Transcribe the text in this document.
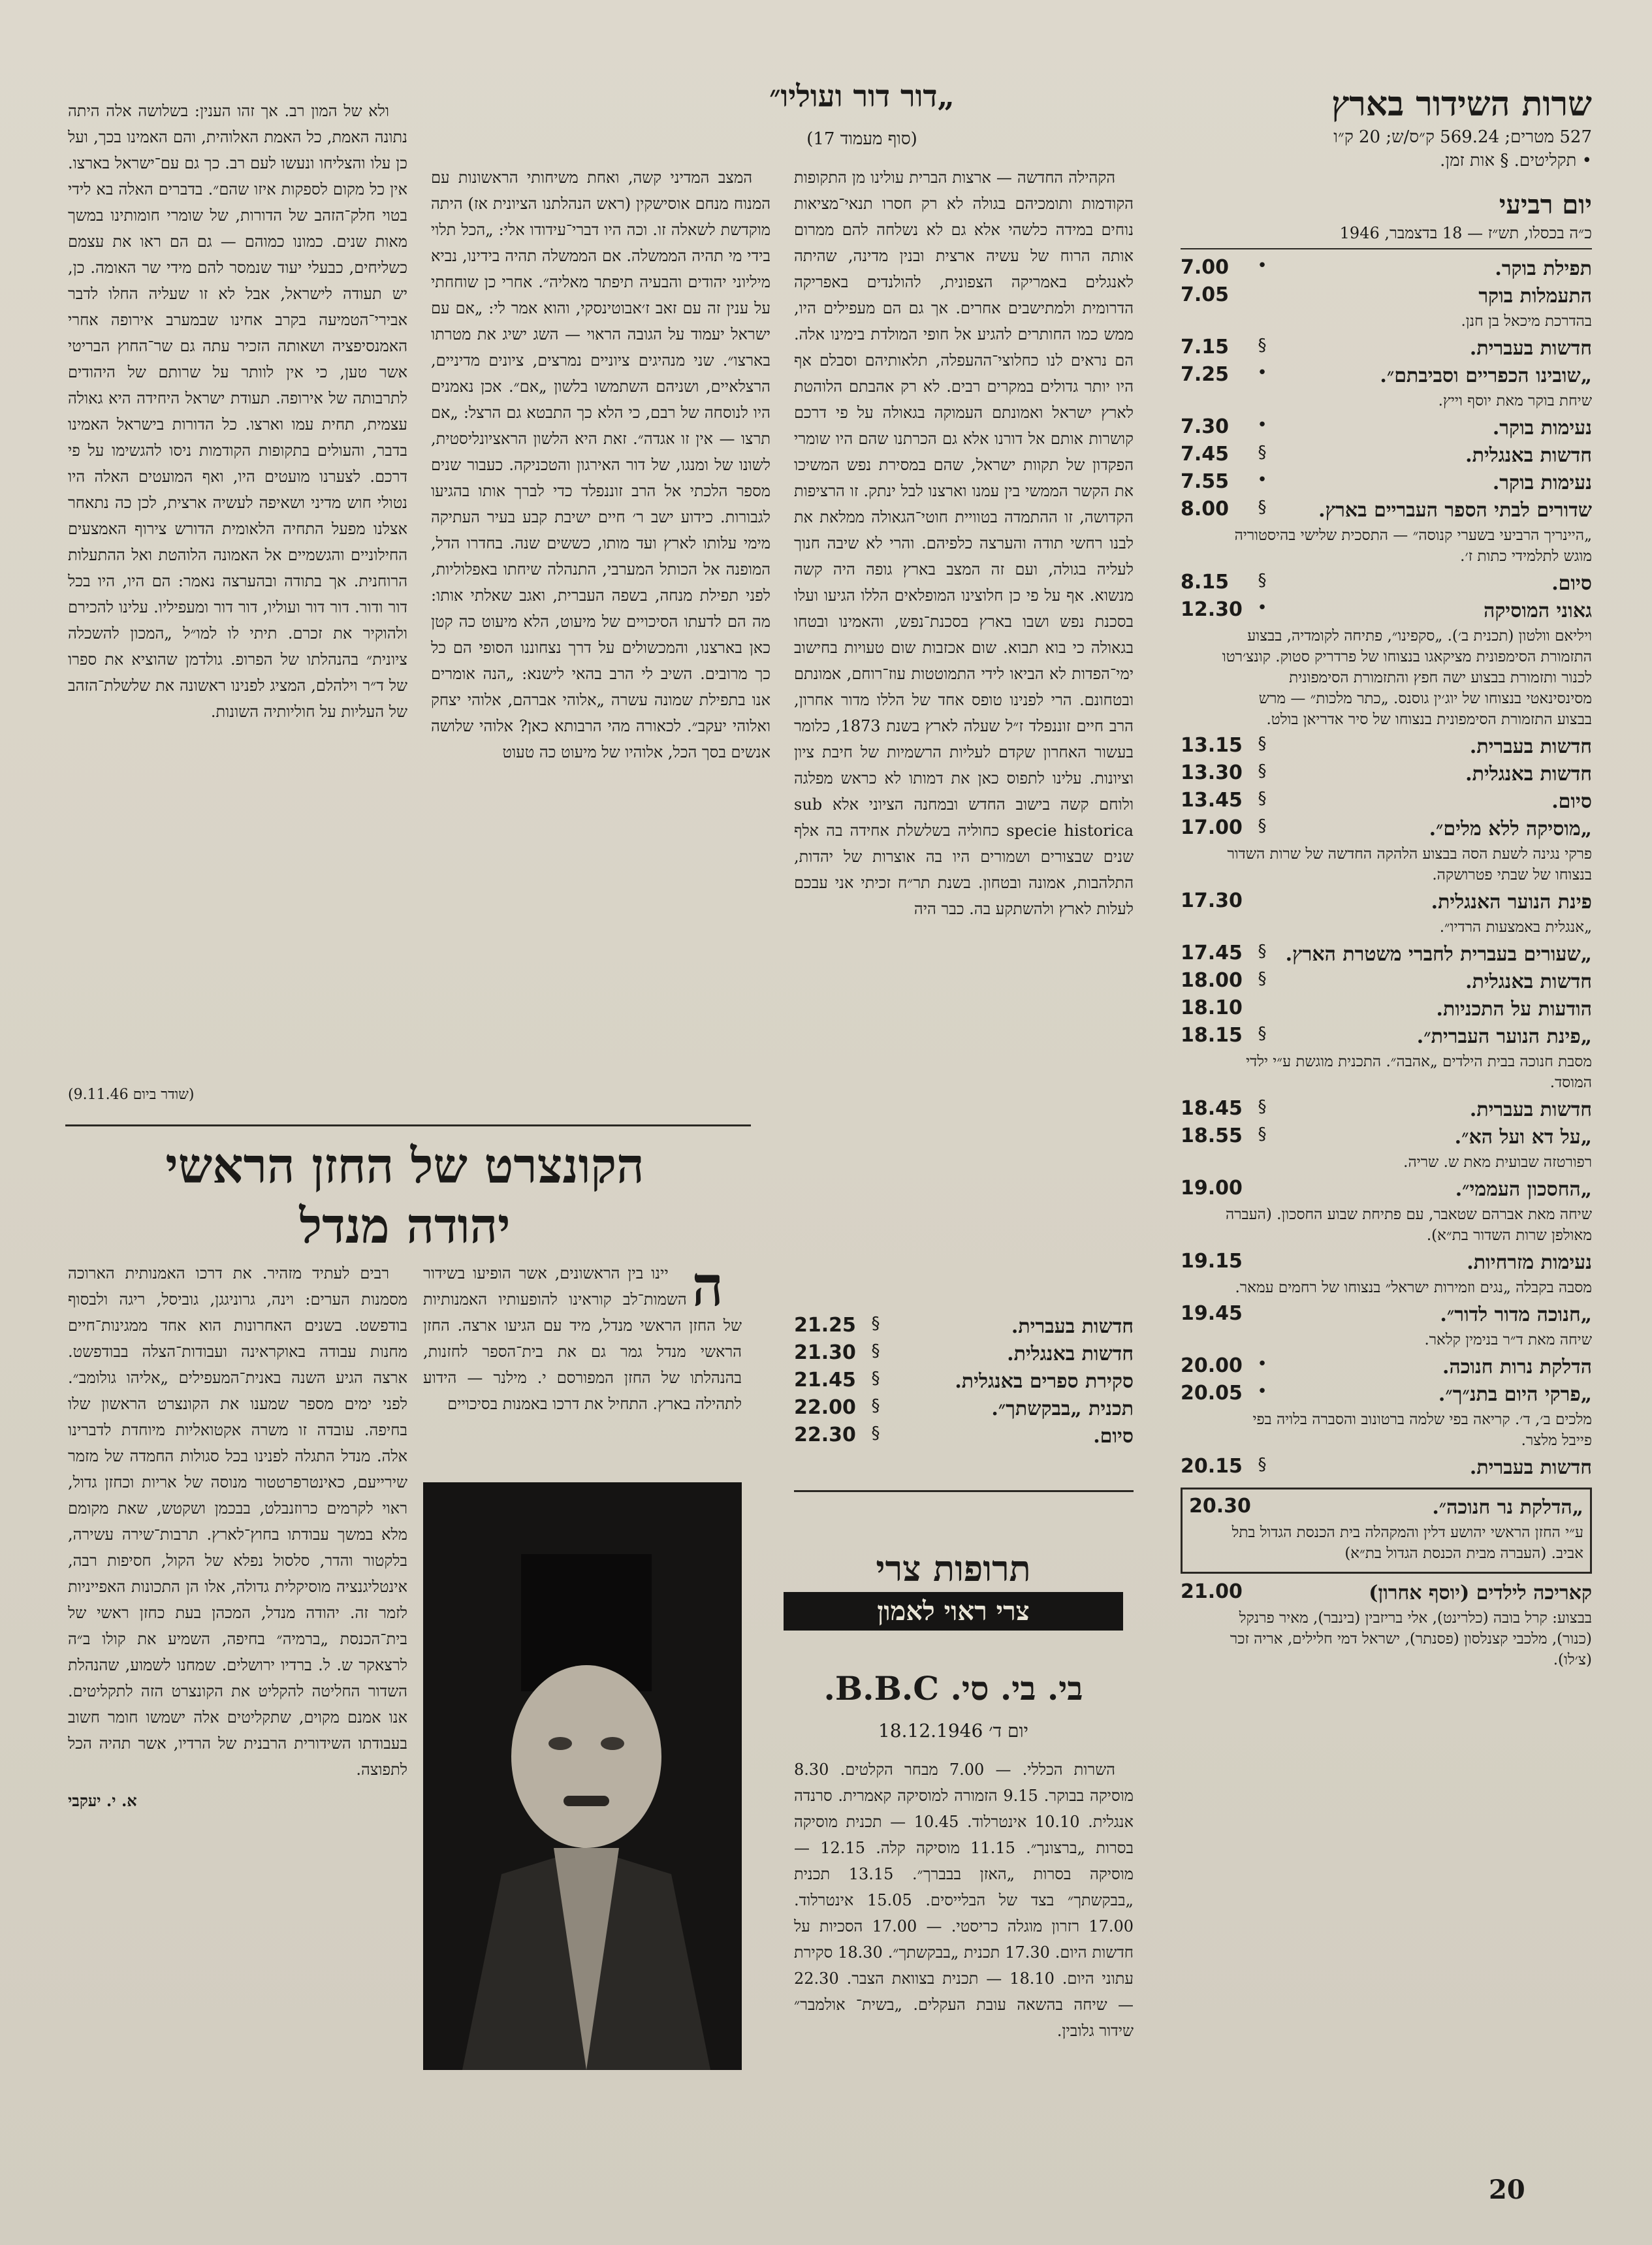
שרות השידור בארץ
527 מטרים; 569.24 ק״ס/ש; 20 ק״ו
• תקליטים. § אות זמן.
יום רביעי
כ״ה בכסלו, תש״ז — 18 בדצמבר, 1946
תפילת בוקר.
•
7.00
התעמלות בוקר
7.05
בהדרכת מיכאל בן חנן.
חדשות בעברית.
§
7.15
„שובינו הכפריים וסביבתם״.
•
7.25
שיחת בוקר מאת יוסף וייץ.
נעימות בוקר.
•
7.30
חדשות באנגלית.
§
7.45
נעימות בוקר.
•
7.55
שדורים לבתי הספר העבריים בארץ.
§
8.00
„היינריך הרביעי בשערי קנוסה״ — התסכית שלישי בהיסטוריה מוגש לתלמידי כתות ז׳.
סיום.
§
8.15
גאוני המוסיקה
•
12.30
ויליאם וולטון (תכנית ב׳). „סקפינו״, פתיחה לקומדיה, בבצוע התזמורת הסימפונית מציקאגו בנצוחו של פרדריק סטוק. קונצ׳רטו לכנור ותזמורת בבצוע ישה חפץ והתזמורת הסימפונית מסינסינאטי בנצוחו של יוג׳ין גוסנס. „כתר מלכות״ — מרש בבצוע התזמורת הסימפונית בנצוחו של סיר אדריאן בולט.
חדשות בעברית.
§
13.15
חדשות באנגלית.
§
13.30
סיום.
§
13.45
„מוסיקה ללא מלים״.
§
17.00
פרקי נגינה לשעת הסה בבצוע הלהקה החדשה של שרות השדור בנצוחו של שבתי פטרושקה.
פינת הנוער האנגלית.
17.30
„אנגלית באמצעות הרדיו״.
„שעורים בעברית לחברי משטרת הארץ.
§
17.45
חדשות באנגלית.
§
18.00
הודעות על התכניות.
18.10
„פינת הנוער העברית״.
§
18.15
מסבת חנוכה בבית הילדים „אהבה״. התכנית מוגשת ע״י ילדי המוסד.
חדשות בעברית.
§
18.45
„על דא ועל הא״.
§
18.55
רפורטזה שבועית מאת ש. שריה.
„החסכון העממי״.
19.00
שיחה מאת אברהם שטאבר, עם פתיחת שבוע החסכון. (העברה מאולפן שרות השדור בת״א).
נעימות מזרחיות.
19.15
מסבה בקבלה „נגים וזמירות ישראל״ בנצוחו של רחמים עמאר.
„חנוכה מדור לדור״.
19.45
שיחה מאת ד״ר בנימין קלאר.
הדלקת נרות חנוכה.
•
20.00
„פרקי היום בתנ״ך״.
•
20.05
מלכים ב׳, ד׳. קריאה בפי שלמה ברטונוב והסברה בלויה בפי פייבל מלצר.
חדשות בעברית.
§
20.15
„הדלקת נר חנוכה״.
20.30
ע״י החזן הראשי יהושע דלין והמקהלה בית הכנסת הגדול בתל אביב. (העברה מבית הכנסת הגדול בת״א)
קאריכה לילדים (יוסף אחרון)
21.00
בבצוע: קרל בובה (כלרינט), אלי בריזבין (בינבר), מאיר פרנקל (כנור), מלכבי קצנלסון (פסנתר), ישראל דמי חלילים, אריה זכר (צ׳לו).
„דור דור ועוליו״
(סוף מעמוד 17)

הקהילה החדשה — ארצות הברית עולינו מן התקופות הקודמות ותומכיהם בגולה לא רק חסרו תנאי־מציאות נוחים במידה כלשהי אלא גם לא נשלחה להם ממרום אותה הרוח של עשיה ארצית ובנין מדינה, שהיתה לאנגלים באמריקה הצפונית, להולנדים באפריקה הדרומית ולמתישבים אחרים. אך גם הם מעפילים היו, ממש כמו החותרים להגיע אל חופי המולדת בימינו אלה. הם נראים לנו כחלוצי־ההעפלה, תלאותיהם וסבלם אף היו יותר גדולים במקרים רבים. לא רק אהבתם הלוהטת לארץ ישראל ואמונתם העמוקה בגאולה על פי דרכם קושרות אותם אל דורנו אלא גם הכרתנו שהם היו שומרי הפקדון של תקוות ישראל, שהם במסירת נפש המשיכו את הקשר הממשי בין עמנו וארצנו לבל ינתק. זו הרציפות הקדושה, זו ההתמדה בטוויית חוטי־הגאולה ממלאת את לבנו רחשי תודה והערצה כלפיהם. והרי לא שיבה חנוך לעליה בגולה, ועם זה המצב בארץ גופה היה קשה מנשוא. אף על פי כן חלוצינו המופלאים הללו הגיעו ועלו בסכנת נפש ושבו בארץ בסכנת־נפש, והאמינו ובטחו בגאולה כי בוא תבוא. שום אכזבות שום טעויות בחישוב ימי־הפדות לא הביאו לידי התמוטטות עוז־רוחם, אמונתם ובטחונם. הרי לפנינו טופס אחד של הללו מדור אחרון, הרב חיים זוננפלד ז״ל שעלה לארץ בשנת 1873, כלומר בעשור האחרון שקדם לעליות הרשמיות של חיבת ציון וציונות. עלינו לתפוס כאן את דמותו לא כראש מפלגה ולוחם קשה בישוב החדש ובמחנה הציוני אלא sub specie historica כחוליה בשלשלת אחידה בה אלף שנים שבצורים ושמורים היו בה אוצרות של יהדות, התלהבות, אמונה ובטחון. בשנת תר״ח זכיתי אני עבכם לעלות לארץ ולהשתקע בה. כבר היה

המצב המדיני קשה, ואחת משיחותי הראשונות עם המנוח מנחם אוסישקין (ראש הנהלתנו הציונית אז) היתה מוקדשת לשאלה זו. וכה היו דברי־עידודו אלי: „הכל תלוי בידי מי תהיה הממשלה. אם הממשלה תהיה בידינו, נביא מיליוני יהודים והבעיה תיפתר מאליה״. אחרי כן שוחחתי על ענין זה עם זאב ז׳אבוטינסקי, והוא אמר לי: „אם עם ישראל יעמוד על הגובה הראוי — השג ישיג את מטרתו בארצו״. שני מנהיגים ציוניים נמרצים, ציונים מדיניים, הרצלאיים, ושניהם השתמשו בלשון „אם״. אכן נאמנים היו לנוסחה של רבם, כי הלא כך התבטא גם הרצל: „אם תרצו — אין זו אגדה״. זאת היא הלשון הראציונליסטית, לשונו של ומנגו, של דור האירגון והטכניקה. כעבור שנים מספר הלכתי אל הרב זוננפלד כדי לברך אותו בהגיעו לגבורות. כידוע ישב ר׳ חיים ישיבת קבע בעיר העתיקה מימי עלותו לארץ ועד מותו, כששים שנה. בחדרו הדל, המופנה אל הכותל המערבי, התנהלה שיחתו באפלוליות, לפני תפילת מנחה, בשפה העברית, ואגב שאלתי אותו: מה הם לדעתו הסיכויים של מיעוט, הלא מיעוט כה קטן כאן בארצנו, והמכשולים על דרך נצחוננו הסופי הם כל כך מרובים. השיב לי הרב בהאי לישנא: „הנה אומרים אנו בתפילת שמונה עשרה „אלוהי אברהם, אלוהי יצחק ואלוהי יעקב״. לכאורה מהי הרבותא כאן? אלוהי שלושה אנשים בסך הכל, אלוהיו של מיעוט כה טעוט

ולא של המון רב. אך זהו הענין: בשלושה אלה היתה נתונה האמת, כל האמת האלוהית, והם האמינו בכך, ועל כן עלו והצליחו ונעשו לעם רב. כך גם עם־ישראל בארצו. אין כל מקום לספקות איזו שהם״. בדברים האלה בא לידי בטוי חלק־הזהב של הדורות, של שומרי חומותינו במשך מאות שנים. כמונו כמוהם — גם הם ראו את עצמם כשליחים, כבעלי יעוד שנמסר להם מידי שר האומה. כן, יש תעודה לישראל, אבל לא זו שעליה החלו לדבר אבירי־הטמיעה בקרב אחינו שבמערב אירופה אחרי האמנסיפציה ושאותה הזכיר עתה גם שר־החוץ הבריטי אשר טען, כי אין לוותר על שרותם של היהודים לתרבותה של אירופה. תעודת ישראל היחידה היא גאולה עצמית, תחית עמו וארצו. כל הדורות בישראל האמינו בדבר, והעולים בתקופות הקודמות ניסו להגשימו על פי דרכם. לצערנו מועטים היו, ואף המועטים האלה היו נטולי חוש מדיני ושאיפה לעשיה ארצית, לכן כה נתאחר אצלנו מפעל התחיה הלאומית הדורש צירוף האמצעים החילוניים והגשמיים אל האמונה הלוהטת ואל ההתעלות הרוחנית. אך בתודה ובהערצה נאמר: הם היו, היו בכל דור ודור. דור דור ועוליו, דור דור ומעפיליו. עלינו להכירם ולהוקיר את זכרם. תיתי לו למו״ל „המכון להשכלה ציונית״ בהנהלתו של הפרופ. גולדמן שהוציא את ספרו של ד״ר וילהלם, המציג לפנינו ראשונה את שלשלת־הזהב של העליות על חוליותיה השונות.

(שודר ביום 9.11.46)
חדשות בעברית.
§
21.25
חדשות באנגלית.
§
21.30
סקירת ספרים באנגלית.
§
21.45
תכנית „בבקשתך״.
§
22.00
סיום.
§
22.30
הקונצרט של החזן הראשי
יהודה מנדל

ה
יינו בין הראשונים, אשר הופיעו בשידור השמות־לב קוראינו להופעותיו האמנותיות של החזן הראשי מנדל, מיד עם הגיעו ארצה. החזן הראשי מנדל גמר גם את בית־הספר לחזנות, בהנהלתו של החזן המפורסם י. מילנר — הידוע לתהילה בארץ. התחיל את דרכו באמנות בסיכויים

רבים לעתיד מזהיר. את דרכו האמנותית הארוכה מסמנות הערים: וינה, גרוניגגן, גוביסל, ריגה ולבסוף בודפשט. בשנים האחרונות הוא אחד ממגינות־חיים מחנות עבודה באוקראינה ועבודות־הצלה בבודפשט. ארצה הגיע השנה באנית־המעפילים „אליהו גולומב״. לפני ימים מספר שמענו את הקונצרט הראשון שלו בחיפה. עובדה זו משרה אקטואליות מיוחדת לדברינו אלה. מנדל התגלה לפנינו בכל סגולות החמדה של מזמר שירייעם, כאינטרפרטטור מנוסה של אריות וכחזן גדול, ראוי לקרמים כרוזנבלט, בבכמן ושקטש, שאת מקומם מלא במשך עבודתו בחוץ־לארץ. תרבות־שירה עשירה, בלקטור והדר, סלסול נפלא של הקול, חסיפות רבה, אינטליגנציה מוסיקלית גדולה, אלו הן התכונות האפייניות לזמר זה. יהודה מנדל, המכהן בעת כחזן ראשי של בית־הכנסת „ברמיה״ בחיפה, השמיע את קולו ב״ה לרצאקר ש. ל. ברדיו ירושלים. שמחנו לשמוע, שהנהלת השדור החליטה להקליט את הקונצרט הזה לתקליטים. אנו אמנם מקוים, שתקליטים אלה ישמשו חומר חשוב בעבודתו השידורית הרבנית של הרדיו, אשר תהיה הכל לתפוצה.

א. י. יעקבי
תרופות צרי
צרי ראוי לאמון
בי. בי. סי. B.B.C.
יום ד׳ 18.12.1946

השרות הכללי. — 7.00 מבחר הקלטים. 8.30 מוסיקה בבוקר. 9.15 הזמורה למוסיקה קאמרית. סרנדה אנגלית. 10.10 אינטרלוד. 10.45 — תכנית מוסיקה בסרות „ברצונך״. 11.15 מוסיקה קלה. 12.15 — מוסיקה בסרות „האזן בבברך״. 13.15 תכנית „בבקשתך״ בצד של הבלייסים. 15.05 אינטרלוד. 17.00 רזרון מוגלה כריסטי. — 17.00 הסכיות על חדשות היום. 17.30 תכנית „בבקשתך״. 18.30 סקירת עתוני היום. 18.10 — תכנית בצוואת הצבר. 22.30 — שיחה בהשאה עובת העקלים. „בשית־ אולמבר״ שידור גלובין.

20
